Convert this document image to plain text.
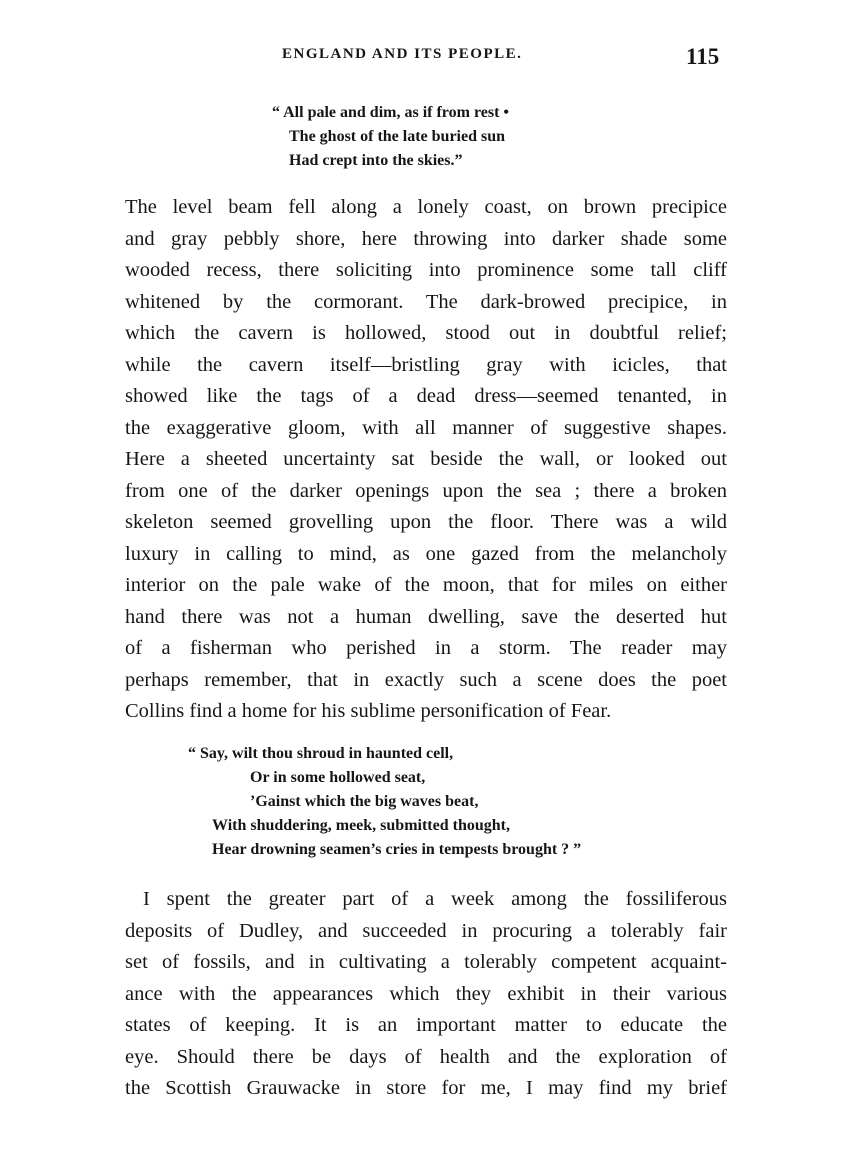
ENGLAND AND ITS PEOPLE.	115
“ All pale and dim, as if from rest •
The ghost of the late buried sun
Had crept into the skies.”
The level beam fell along a lonely coast, on brown precipice
and gray pebbly shore, here throwing into darker shade some
wooded recess, there soliciting into prominence some tall cliff
whitened by the cormorant. The dark-browed precipice, in
which the cavern is hollowed, stood out in doubtful relief;
while the cavern itself—bristling gray with icicles, that
showed like the tags of a dead dress—seemed tenanted, in
the exaggerative gloom, with all manner of suggestive shapes.
Here a sheeted uncertainty sat beside the wall, or looked out
from one of the darker openings upon the sea ; there a broken
skeleton seemed grovelling upon the floor. There was a wild
luxury in calling to mind, as one gazed from the melancholy
interior on the pale wake of the moon, that for miles on either
hand there was not a human dwelling, save the deserted hut
of a fisherman who perished in a storm. The reader may
perhaps remember, that in exactly such a scene does the poet
Collins find a home for his sublime personification of Fear.
“ Say, wilt thou shroud in haunted cell,
Or in some hollowed seat,
’Gainst which the big waves beat,
With shuddering, meek, submitted thought,
Hear drowning seamen’s cries in tempests brought ? ”
I spent the greater part of a week among the fossiliferous
deposits of Dudley, and succeeded in procuring a tolerably fair
set of fossils, and in cultivating a tolerably competent acquaint-
ance with the appearances which they exhibit in their various
states of keeping. It is an important matter to educate the
eye. Should there be days of health and the exploration of
the Scottish Grauwacke in store for me, I may find my brief
